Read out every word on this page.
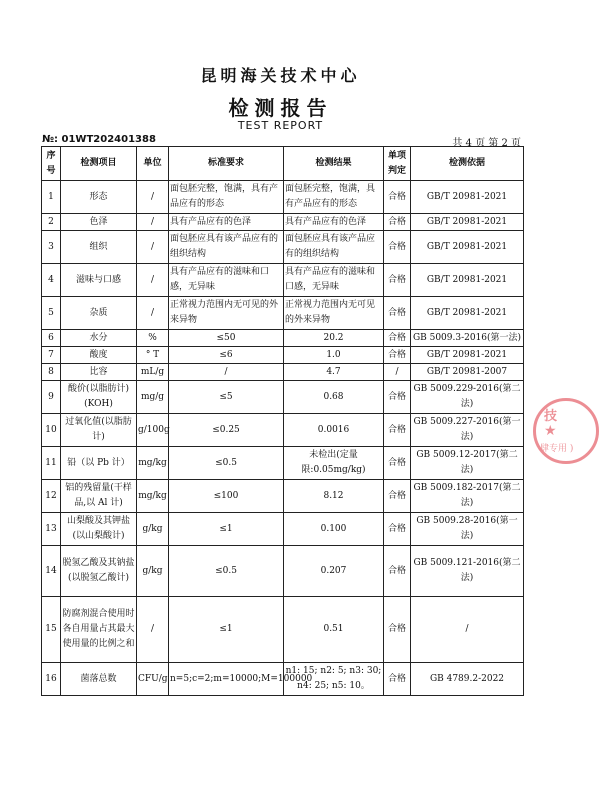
昆明海关技术中心
检测报告
TEST REPORT
№: 01WT202401388	共 4 页 第 2 页
序号	检测项目	单位	标准要求	检测结果	单项判定	检测依据
1	形态	/	面包胚完整，饱满，具有产品应有的形态	面包胚完整，饱满，具有产品应有的形态	合格	GB/T 20981-2021
2	色泽	/	具有产品应有的色泽	具有产品应有的色泽	合格	GB/T 20981-2021
3	组织	/	面包胚应具有该产品应有的组织结构	面包胚应具有该产品应有的组织结构	合格	GB/T 20981-2021
4	滋味与口感	/	具有产品应有的滋味和口感，无异味	具有产品应有的滋味和口感，无异味	合格	GB/T 20981-2021
5	杂质	/	正常视力范围内无可见的外来异物	正常视力范围内无可见的外来异物	合格	GB/T 20981-2021
6	水分	%	≤50	20.2	合格	GB 5009.3-2016(第一法)
7	酸度	° T	≤6	1.0	合格	GB/T 20981-2021
8	比容	mL/g	/	4.7	/	GB/T 20981-2007
9	酸价(以脂肪计)(KOH)	mg/g	≤5	0.68	合格	GB 5009.229-2016(第二法)
10	过氧化值(以脂肪计)	g/100g	≤0.25	0.0016	合格	GB 5009.227-2016(第一法)
11	铅（以 Pb 计）	mg/kg	≤0.5	未检出(定量限:0.05mg/kg)	合格	GB 5009.12-2017(第二法)
12	铝的残留量(干样品,以 Al 计)	mg/kg	≤100	8.12	合格	GB 5009.182-2017(第二法)
13	山梨酸及其钾盐(以山梨酸计)	g/kg	≤1	0.100	合格	GB 5009.28-2016(第一法)
14	脱氢乙酸及其钠盐(以脱氢乙酸计)	g/kg	≤0.5	0.207	合格	GB 5009.121-2016(第二法)
15	防腐剂混合使用时各自用量占其最大使用量的比例之和	/	≤1	0.51	合格	/
16	菌落总数	CFU/g	n=5;c=2;m=10000;M=100000	n1: 15; n2: 5; n3: 30; n4: 25; n5: 10。	合格	GB 4789.2-2022
技
★
肆专用 )
